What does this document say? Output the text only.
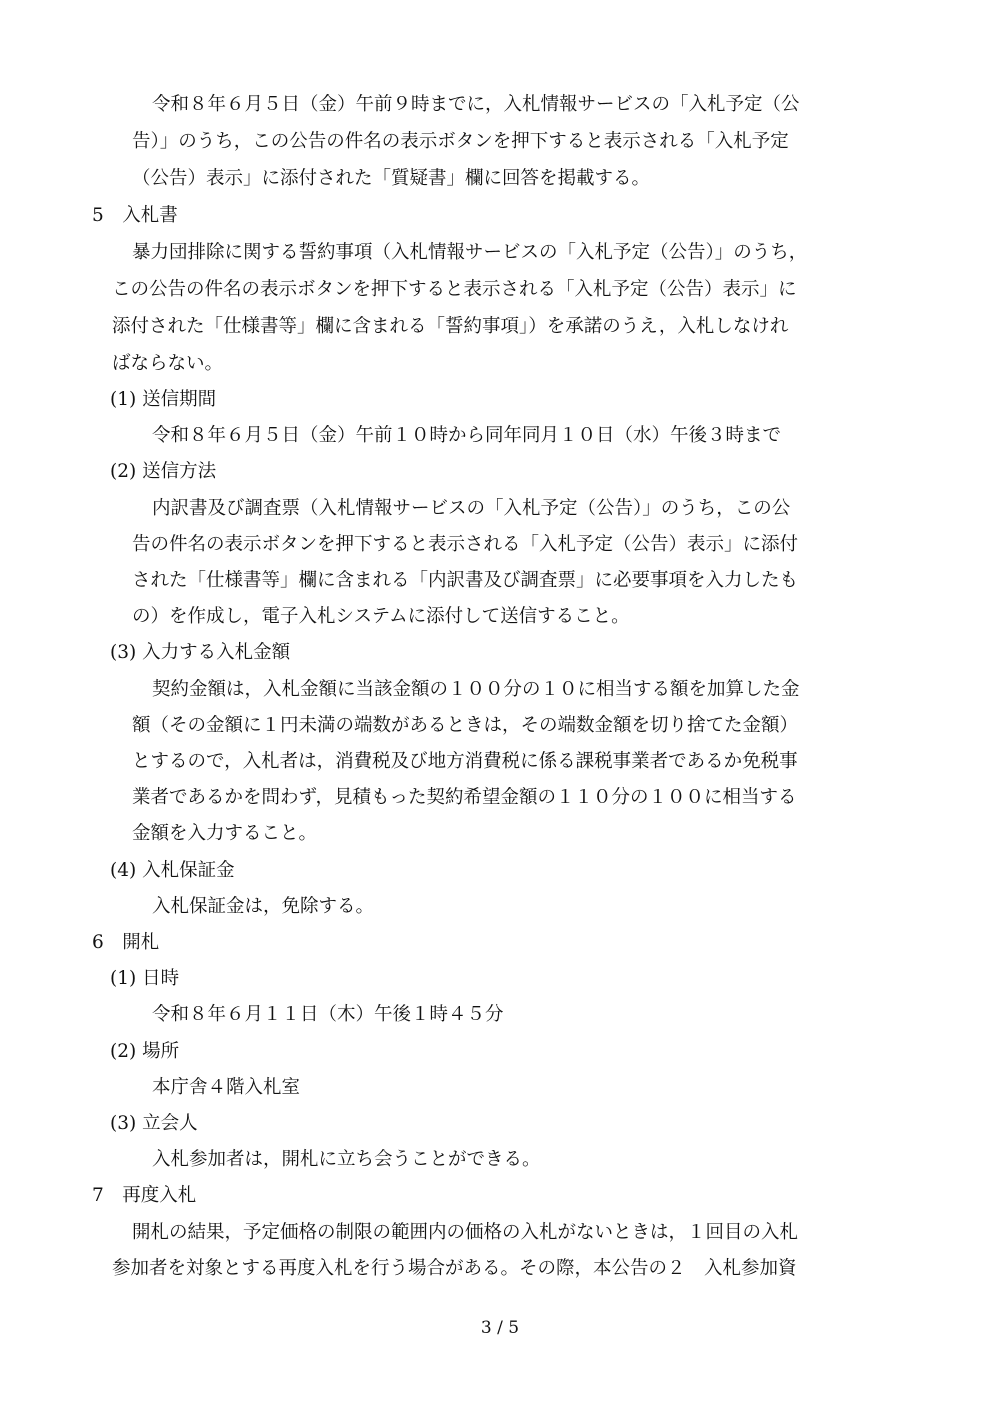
令和８年６月５日（金）午前９時までに，入札情報サービスの「入札予定（公
告）」のうち，この公告の件名の表示ボタンを押下すると表示される「入札予定
（公告）表示」に添付された「質疑書」欄に回答を掲載する。
5　入札書
暴力団排除に関する誓約事項（入札情報サービスの「入札予定（公告）」のうち，
この公告の件名の表示ボタンを押下すると表示される「入札予定（公告）表示」に
添付された「仕様書等」欄に含まれる「誓約事項」）を承諾のうえ，入札しなけれ
ばならない。
(1) 送信期間
令和８年６月５日（金）午前１０時から同年同月１０日（水）午後３時まで
(2) 送信方法
内訳書及び調査票（入札情報サービスの「入札予定（公告）」のうち，この公
告の件名の表示ボタンを押下すると表示される「入札予定（公告）表示」に添付
された「仕様書等」欄に含まれる「内訳書及び調査票」に必要事項を入力したも
の）を作成し，電子入札システムに添付して送信すること。
(3) 入力する入札金額
契約金額は，入札金額に当該金額の１００分の１０に相当する額を加算した金
額（その金額に１円未満の端数があるときは，その端数金額を切り捨てた金額）
とするので，入札者は，消費税及び地方消費税に係る課税事業者であるか免税事
業者であるかを問わず，見積もった契約希望金額の１１０分の１００に相当する
金額を入力すること。
(4) 入札保証金
入札保証金は，免除する。
6　開札
(1) 日時
令和８年６月１１日（木）午後１時４５分
(2) 場所
本庁舎４階入札室
(3) 立会人
入札参加者は，開札に立ち会うことができる。
7　再度入札
開札の結果，予定価格の制限の範囲内の価格の入札がないときは，１回目の入札
参加者を対象とする再度入札を行う場合がある。その際，本公告の２　入札参加資
3 / 5
